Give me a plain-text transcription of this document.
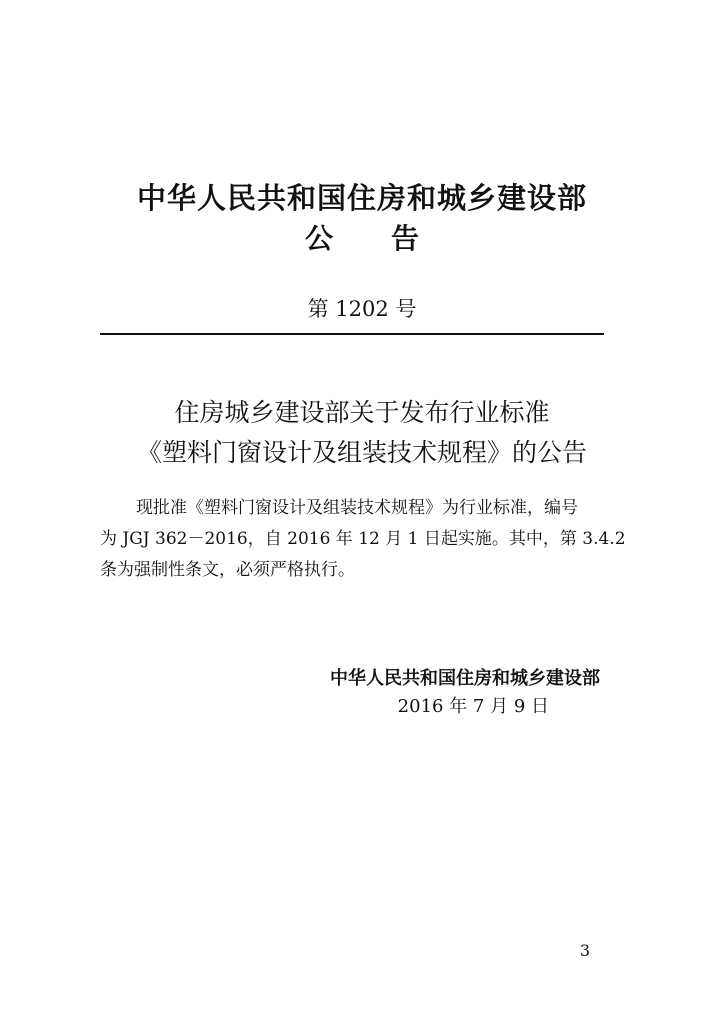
中华人民共和国住房和城乡建设部
公 告
第 1202 号
住房城乡建设部关于发布行业标准
《塑料门窗设计及组装技术规程》的公告
现批准《塑料门窗设计及组装技术规程》为行业标准，编号
为 JGJ 362－2016，自 2016 年 12 月 1 日起实施。其中，第 3.4.2
条为强制性条文，必须严格执行。
中华人民共和国住房和城乡建设部
2016 年 7 月 9 日
3
